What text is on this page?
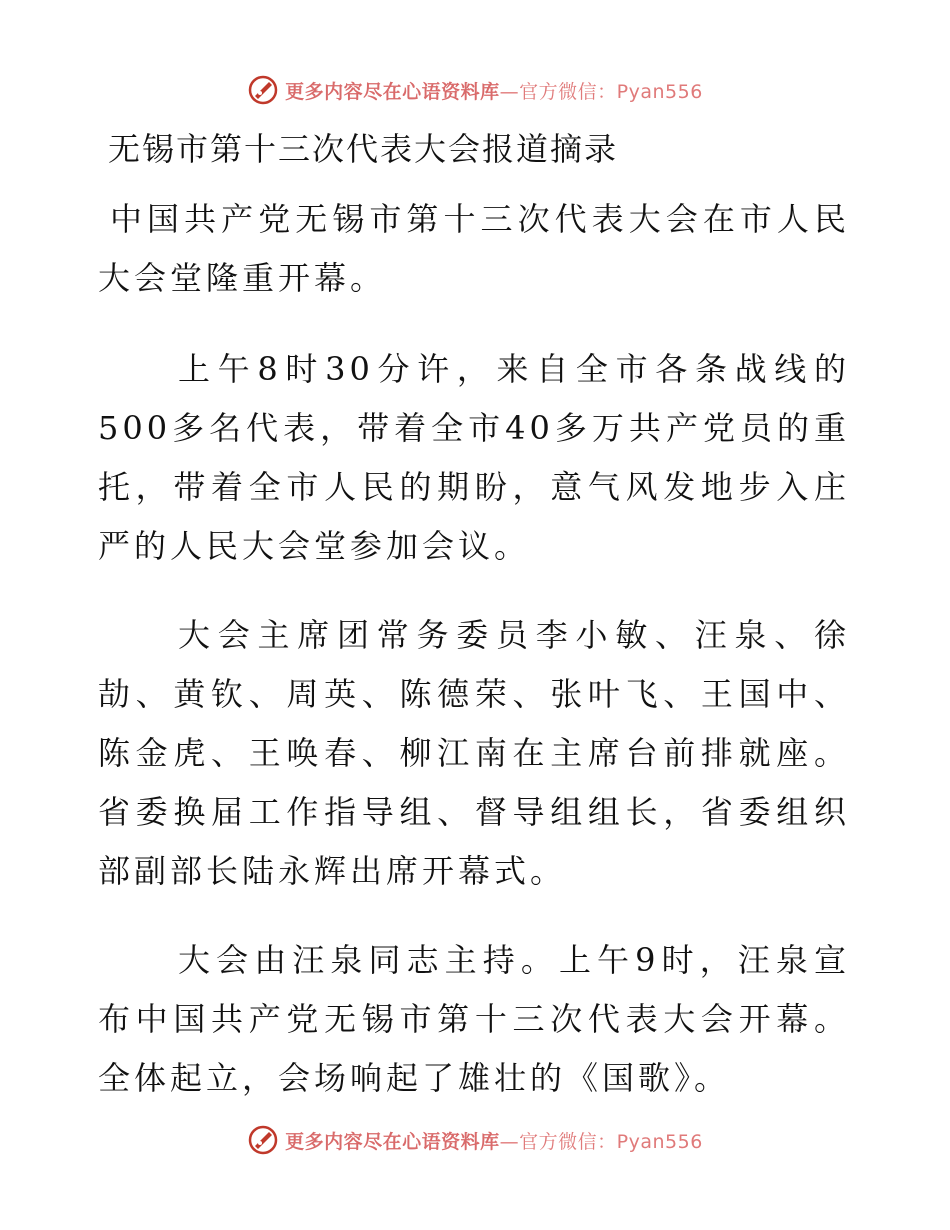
更多内容尽在心语资料库—官方微信：Pyan556
无锡市第十三次代表大会报道摘录

中国共产党无锡市第十三次代表大会在市人民大会堂隆重开幕。

上午8时30分许，来自全市各条战线的500多名代表，带着全市40多万共产党员的重托，带着全市人民的期盼，意气风发地步入庄严的人民大会堂参加会议。

大会主席团常务委员李小敏、汪泉、徐劼、黄钦、周英、陈德荣、张叶飞、王国中、陈金虎、王唤春、柳江南在主席台前排就座。省委换届工作指导组、督导组组长，省委组织部副部长陆永辉出席开幕式。

大会由汪泉同志主持。上午9时，汪泉宣布中国共产党无锡市第十三次代表大会开幕。全体起立，会场响起了雄壮的《国歌》。

更多内容尽在心语资料库—官方微信：Pyan556
